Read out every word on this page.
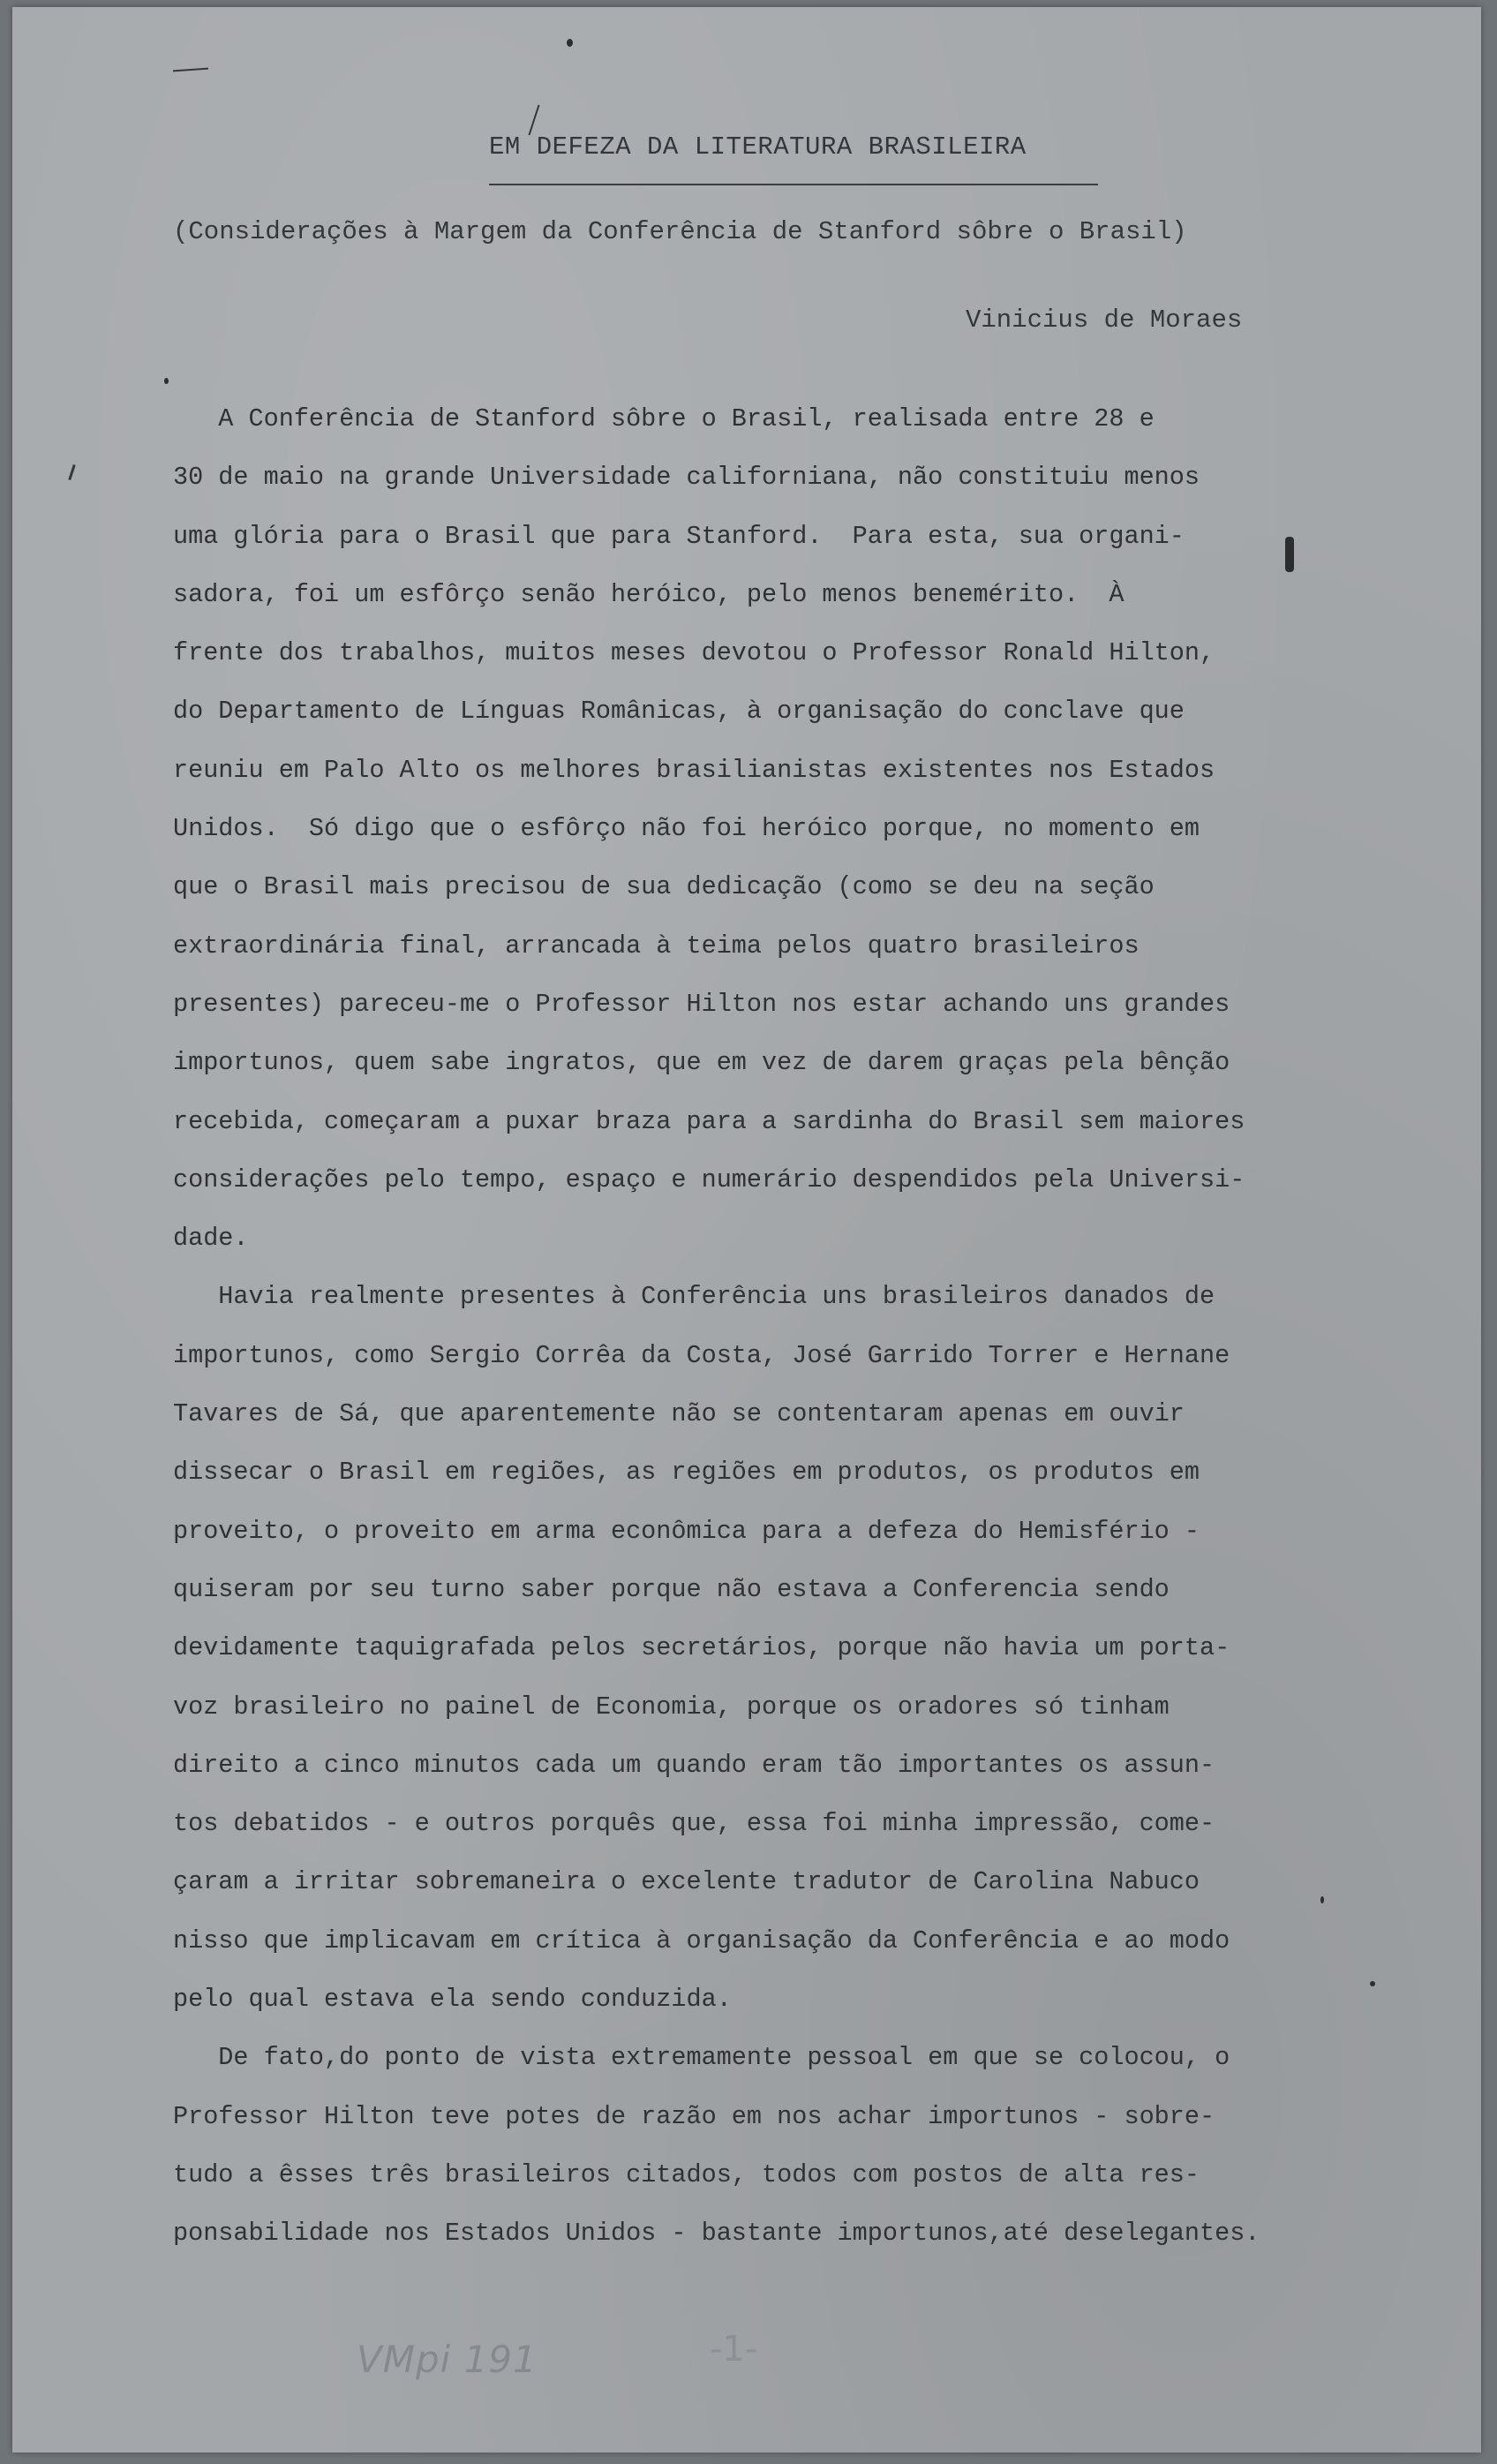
EM DEFEZA DA LITERATURA BRASILEIRA
(Considerações à Margem da Conferência de Stanford sôbre o Brasil)
Vinicius de Moraes
A Conferência de Stanford sôbre o Brasil, realisada entre 28 e
30 de maio na grande Universidade californiana, não constituiu menos
uma glória para o Brasil que para Stanford.  Para esta, sua organi-
sadora, foi um esfôrço senão heróico, pelo menos benemérito.  À
frente dos trabalhos, muitos meses devotou o Professor Ronald Hilton,
do Departamento de Línguas Românicas, à organisação do conclave que
reuniu em Palo Alto os melhores brasilianistas existentes nos Estados
Unidos.  Só digo que o esfôrço não foi heróico porque, no momento em
que o Brasil mais precisou de sua dedicação (como se deu na seção
extraordinária final, arrancada à teima pelos quatro brasileiros
presentes) pareceu-me o Professor Hilton nos estar achando uns grandes
importunos, quem sabe ingratos, que em vez de darem graças pela bênção
recebida, começaram a puxar braza para a sardinha do Brasil sem maiores
considerações pelo tempo, espaço e numerário despendidos pela Universi-
dade.
Havia realmente presentes à Conferência uns brasileiros danados de
importunos, como Sergio Corrêa da Costa, José Garrido Torrer e Hernane
Tavares de Sá, que aparentemente não se contentaram apenas em ouvir
dissecar o Brasil em regiões, as regiões em produtos, os produtos em
proveito, o proveito em arma econômica para a defeza do Hemisfério -
quiseram por seu turno saber porque não estava a Conferencia sendo
devidamente taquigrafada pelos secretários, porque não havia um porta-
voz brasileiro no painel de Economia, porque os oradores só tinham
direito a cinco minutos cada um quando eram tão importantes os assun-
tos debatidos - e outros porquês que, essa foi minha impressão, come-
çaram a irritar sobremaneira o excelente tradutor de Carolina Nabuco
nisso que implicavam em crítica à organisação da Conferência e ao modo
pelo qual estava ela sendo conduzida.
De fato,do ponto de vista extremamente pessoal em que se colocou, o
Professor Hilton teve potes de razão em nos achar importunos - sobre-
tudo a êsses três brasileiros citados, todos com postos de alta res-
ponsabilidade nos Estados Unidos - bastante importunos,até deselegantes.
VMpi 191	-1-
